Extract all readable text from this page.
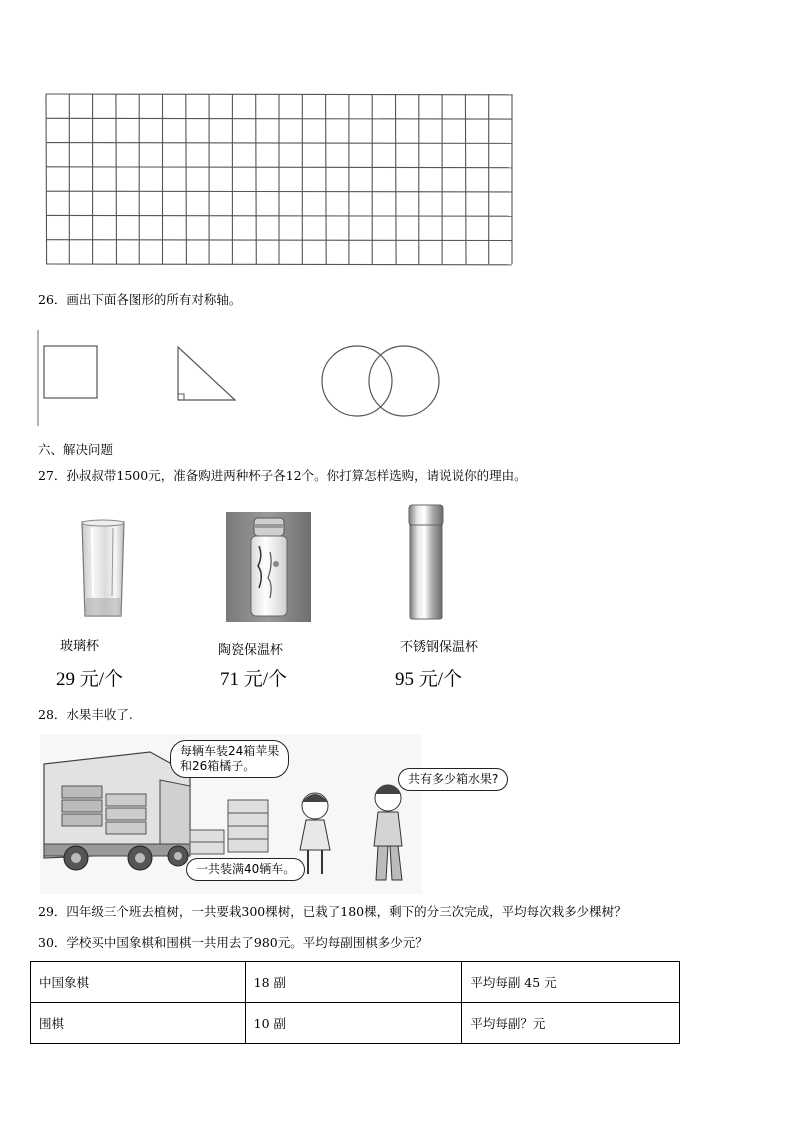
26．画出下面各图形的所有对称轴。
六、解决问题
27．孙叔叔带1500元，准备购进两种杯子各12个。你打算怎样选购，请说说你的理由。
玻璃杯
29 元/个
陶瓷保温杯
71 元/个
不锈钢保温杯
95 元/个
28．水果丰收了.
每辆车装24箱苹果
和26箱橘子。
共有多少箱水果?
一共装满40辆车。
29．四年级三个班去植树，一共要栽300棵树，已栽了180棵，剩下的分三次完成，平均每次栽多少棵树？
30．学校买中国象棋和围棋一共用去了980元。平均每副围棋多少元？
中国象棋	18 副	平均每副 45 元
围棋	10 副	平均每副？元
